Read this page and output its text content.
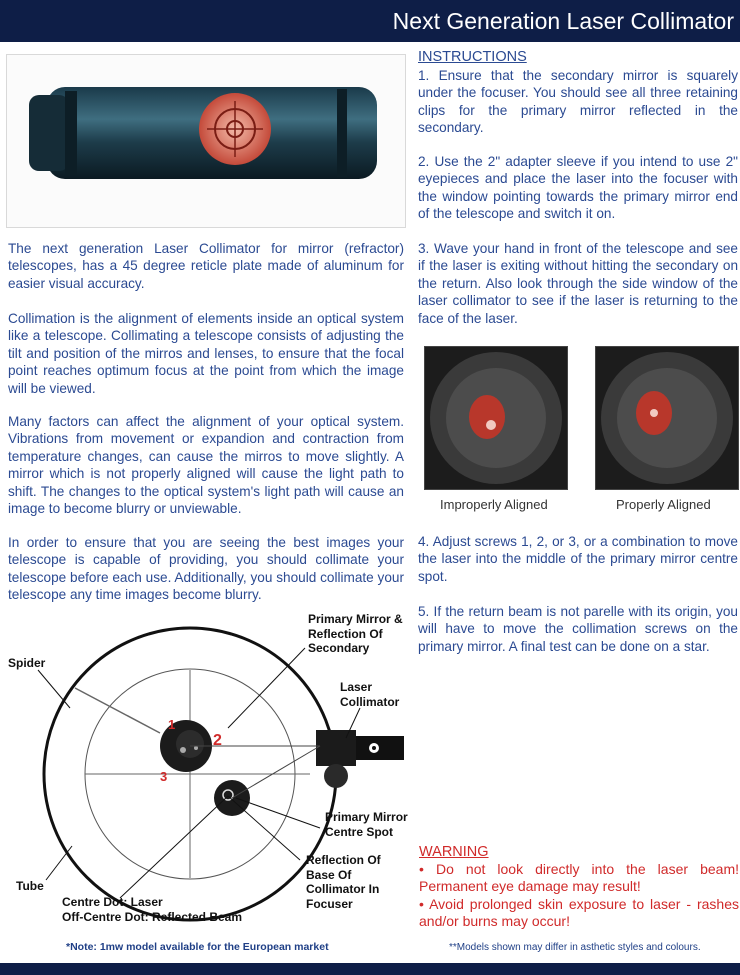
Next Generation Laser Collimator
The next generation Laser Collimator for mirror (refractor) telescopes, has a 45 degree reticle plate made of aluminum for easier visual accuracy.
Collimation is the alignment of elements inside an optical system like a telescope. Collimating a telescope consists of adjusting the tilt and position of the mirros and lenses, to ensure that the focal point reaches optimum focus at the point from which the image will be viewed.
Many factors can affect the alignment of your optical system. Vibrations from movement or expandion and contraction from temperature changes, can cause the mirros to move slightly. A mirror which is not properly aligned will cause the light path to shift. The changes to the optical system's light path will cause an image to become blurry or unviewable.
In order to ensure that you are seeing the best images your telescope is capable of providing, you should collimate your telescope before each use. Additionally, you should collimate your telescope any time images become blurry.
INSTRUCTIONS
1. Ensure that the secondary mirror is squarely under the focuser. You should see all three retaining clips for the primary mirror reflected in the secondary.
2. Use the 2" adapter sleeve if you intend to use 2" eyepieces and place the laser into the focuser with the window pointing towards the primary mirror end of the telescope and switch it on.
3. Wave your hand in front of the telescope and see if the laser is exiting without hitting the secondary on the return. Also look through the side window of the laser collimator to see if the laser is returning to the face of the laser.
Improperly Aligned	Properly Aligned
4. Adjust screws 1, 2, or 3, or a combination to move the laser into the middle of the primary mirror centre spot.
5. If the return beam is not parelle with its origin, you will have to move the collimation screws on the primary mirror. A final test can be done on a star.
Primary Mirror & Reflection Of Secondary
Spider
Laser Collimator
Primary Mirror Centre Spot
Reflection Of Base Of Collimator In Focuser
Tube
Centre Dot: Laser
Off-Centre Dot: Reflected Beam
1
2
3
WARNING
• Do not look directly into the laser beam! Permanent eye damage may result!
• Avoid prolonged skin exposure to laser - rashes and/or burns may occur!
*Note: 1mw model available for the European market	**Models shown may differ in asthetic styles and colours.
